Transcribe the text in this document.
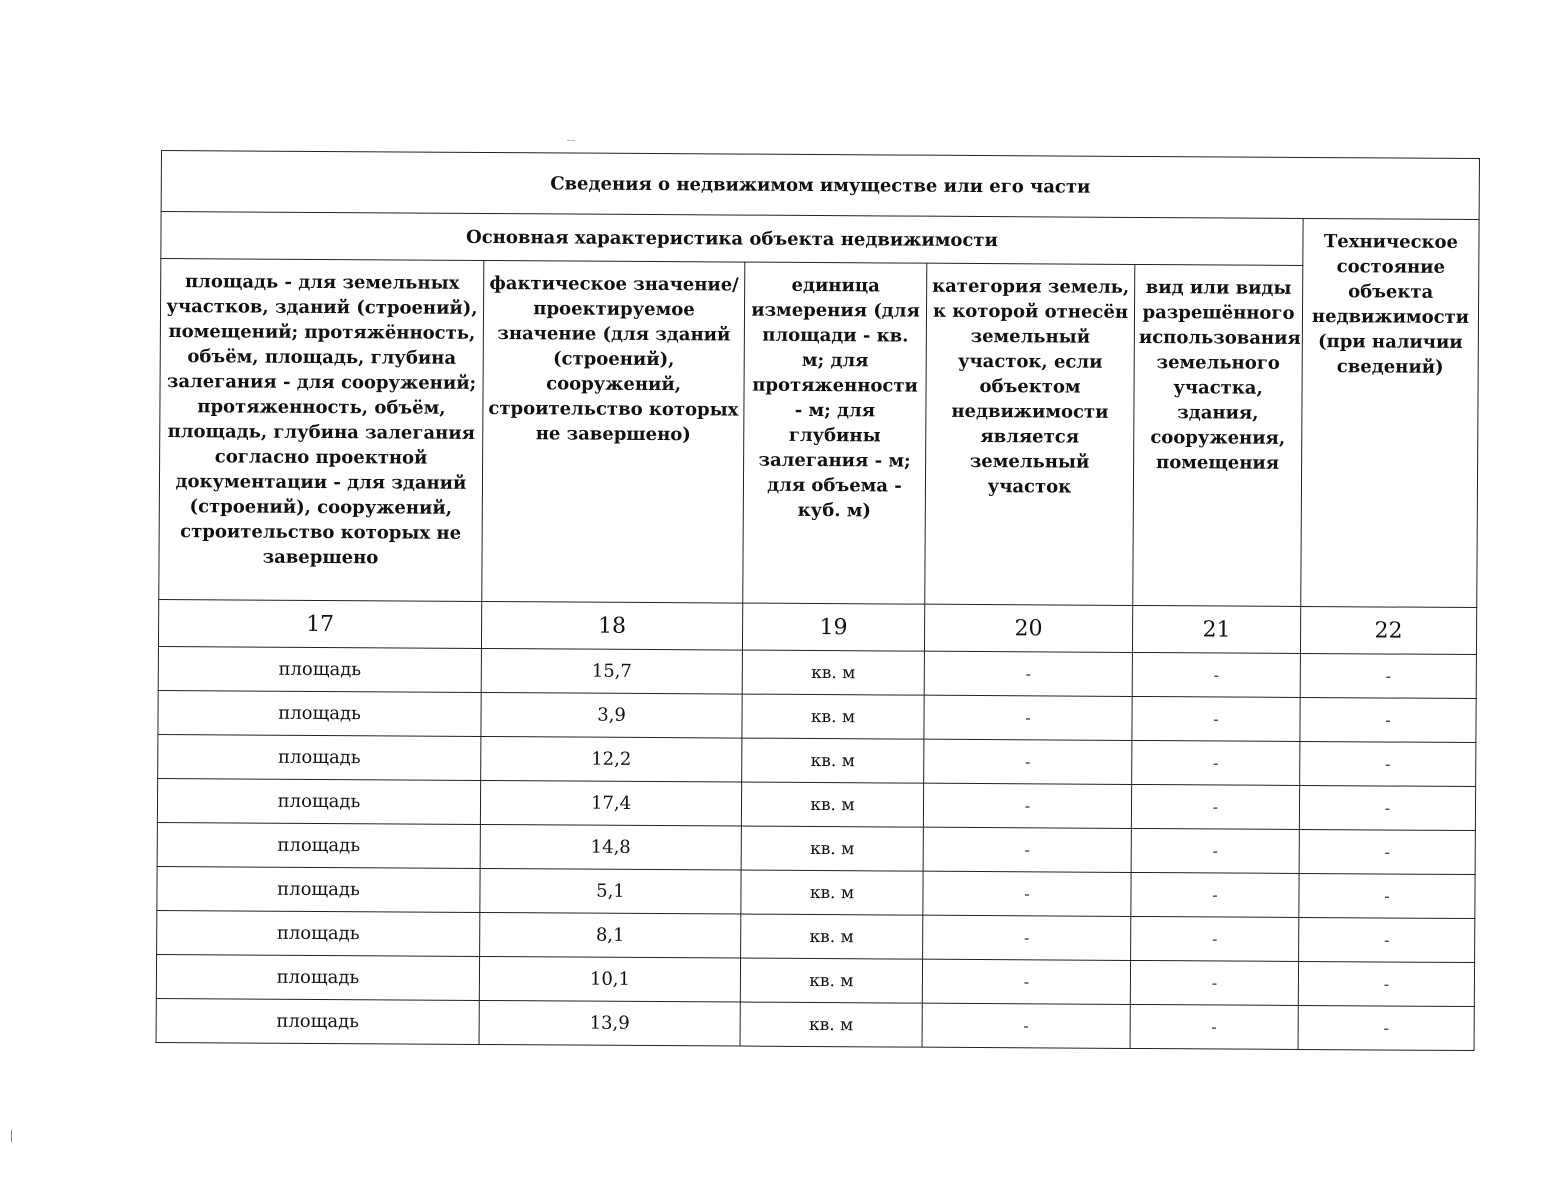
Сведения о недвижимом имуществе или его части					
Основная характеристика объекта недвижимости					Техническое состояние объекта недвижимости (при наличии сведений)
площадь - для земельных участков, зданий (строений), помещений; протяжённость, объём, площадь, глубина залегания - для сооружений; протяженность, объём, площадь, глубина залегания согласно проектной документации - для зданий (строений), сооружений, строительство которых не завершено	фактическое значение/проектируемое значение (для зданий (строений), сооружений, строительство которых не завершено)	единица измерения (для площади - кв. м; для протяженности - м; для глубины залегания - м; для объема - куб. м)	категория земель, к которой отнесён земельный участок, если объектом недвижимости является земельный участок	вид или виды разрешённого использования земельного участка, здания, сооружения, помещения	
17	18	19	20	21	22
площадь	15,7	кв. м	-	-	-
площадь	3,9	кв. м	-	-	-
площадь	12,2	кв. м	-	-	-
площадь	17,4	кв. м	-	-	-
площадь	14,8	кв. м	-	-	-
площадь	5,1	кв. м	-	-	-
площадь	8,1	кв. м	-	-	-
площадь	10,1	кв. м	-	-	-
площадь	13,9	кв. м	-	-	-
